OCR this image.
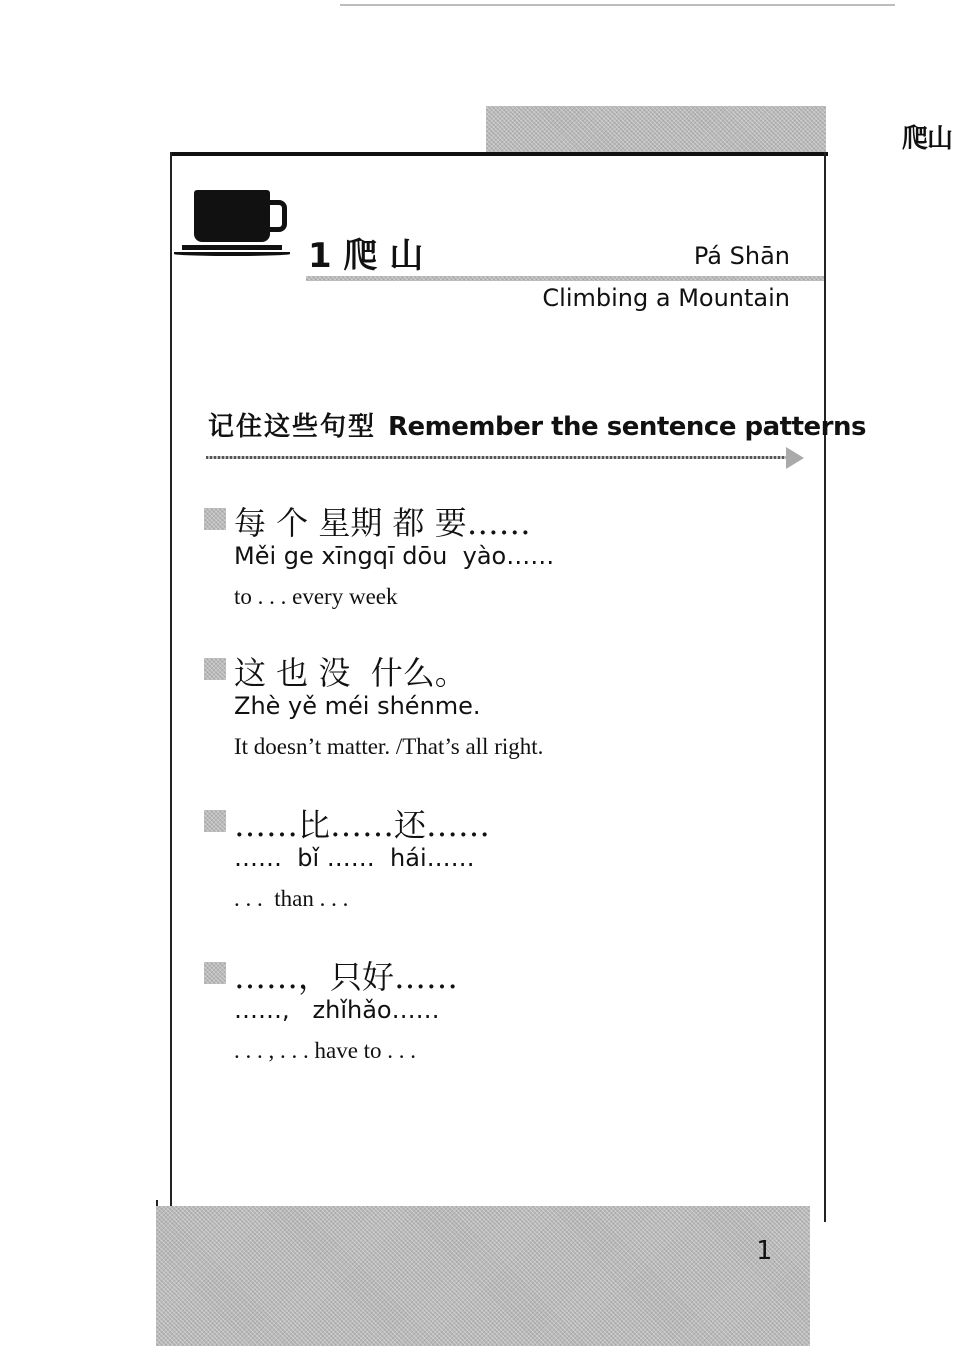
爬山
1 爬 山	Pá Shān
Climbing a Mountain
记住这些句型 Remember the sentence patterns
每 个 星期 都 要……
Měi ge xīngqī dōu  yào……
to . . . every week
这 也 没  什么。
Zhè yě méi shénme.
It doesn’t matter. /That’s all right.
……比……还……
……  bǐ ……  hái……
. . .  than . . .
……，只好……
……,   zhǐhǎo……
. . . , . . . have to . . .
1
